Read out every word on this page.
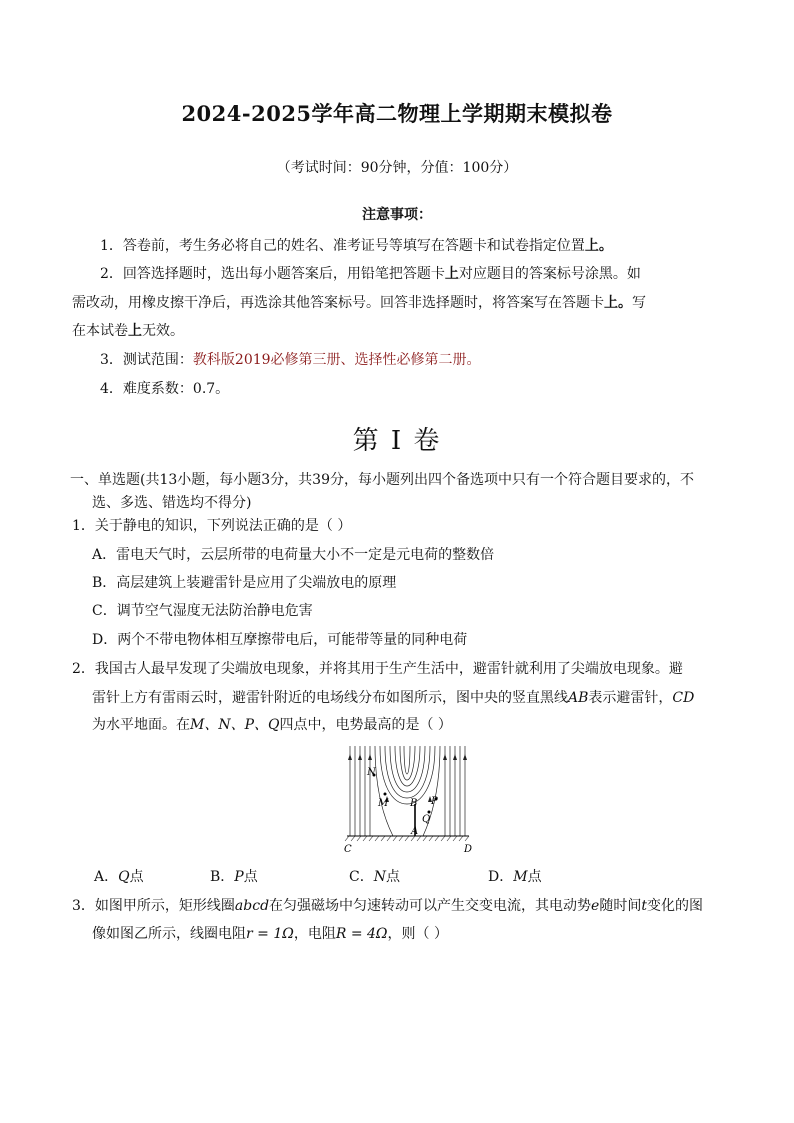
2024-2025学年高二物理上学期期末模拟卷
（考试时间：90分钟，分值：100分）
注意事项：
1．答卷前，考生务必将自己的姓名、准考证号等填写在答题卡和试卷指定位置上。
2．回答选择题时，选出每小题答案后，用铅笔把答题卡上对应题目的答案标号涂黑。如
需改动，用橡皮擦干净后，再选涂其他答案标号。回答非选择题时，将答案写在答题卡上。写
在本试卷上无效。
3．测试范围：教科版2019必修第三册、选择性必修第二册。
4．难度系数：0.7。
第 I 卷
一、单选题(共13小题，每小题3分，共39分，每小题列出四个备选项中只有一个符合题目要求的，不
选、多选、错选均不得分)
1．关于静电的知识，下列说法正确的是（ ）
A．雷电天气时，云层所带的电荷量大小不一定是元电荷的整数倍
B．高层建筑上装避雷针是应用了尖端放电的原理
C．调节空气湿度无法防治静电危害
D．两个不带电物体相互摩擦带电后，可能带等量的同种电荷
2．我国古人最早发现了尖端放电现象，并将其用于生产生活中，避雷针就利用了尖端放电现象。避
雷针上方有雷雨云时，避雷针附近的电场线分布如图所示，图中央的竖直黑线AB表示避雷针，CD
为水平地面。在M、N、P、Q四点中，电势最高的是（ ）
N
M B P
Q
A
C	D
A．Q点	B．P点	C．N点	D．M点
3．如图甲所示，矩形线圈abcd在匀强磁场中匀速转动可以产生交变电流，其电动势e随时间t变化的图
像如图乙所示，线圈电阻r = 1Ω，电阻R = 4Ω，则（ ）
